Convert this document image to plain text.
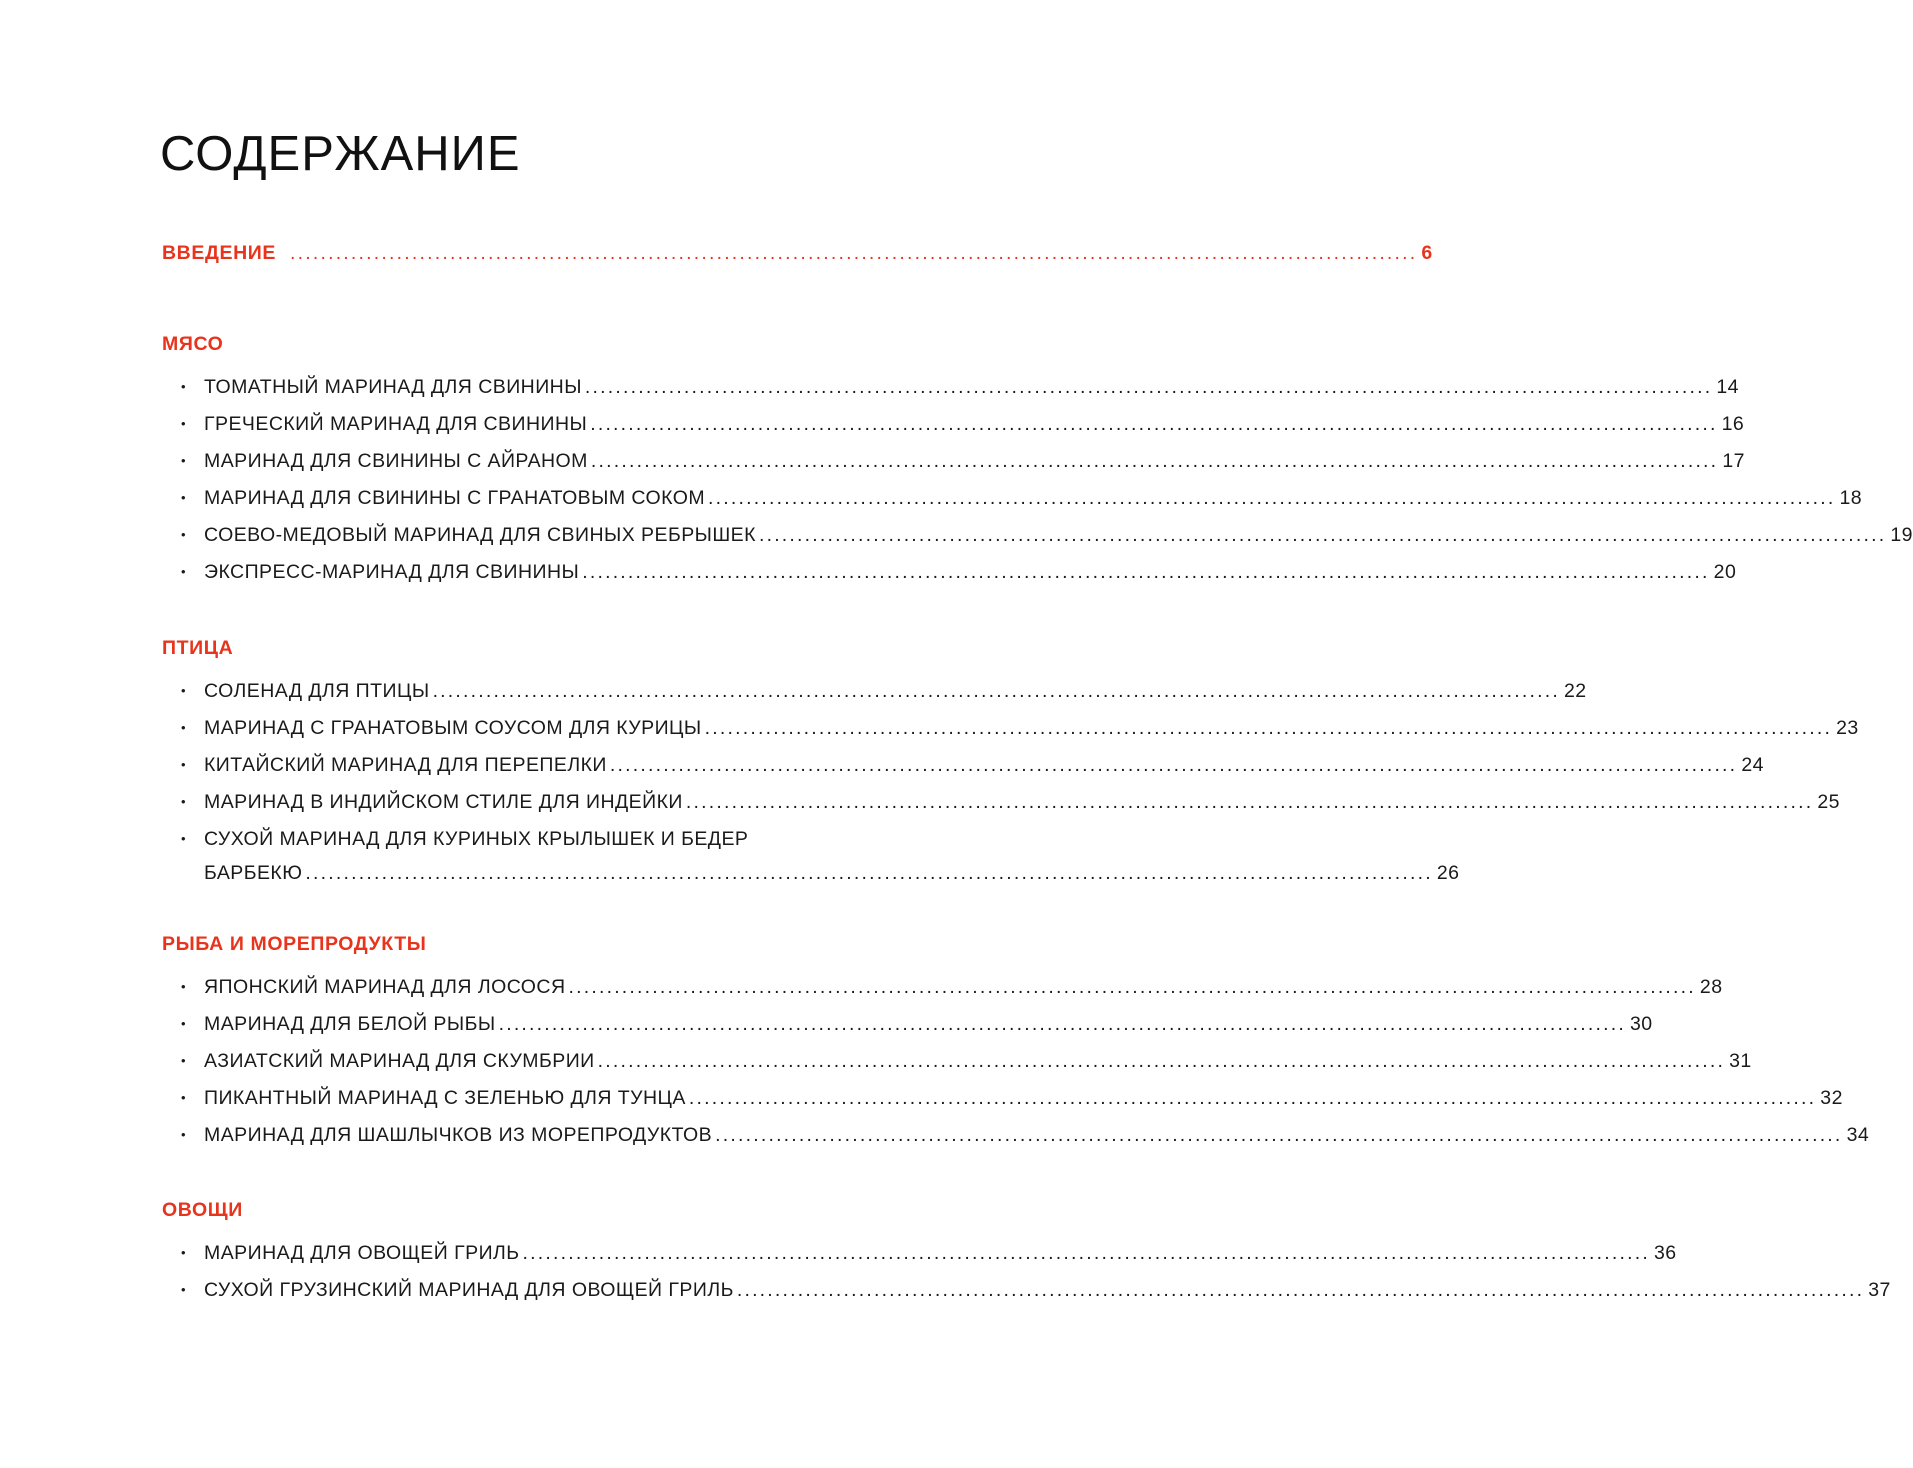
СОДЕРЖАНИЕ
ВВЕДЕНИЕ .................................................................................................................................................... 6
МЯСО
• ТОМАТНЫЙ МАРИНАД ДЛЯ СВИНИНЫ .................................................................................................................................................... 14
• ГРЕЧЕСКИЙ МАРИНАД ДЛЯ СВИНИНЫ .................................................................................................................................................... 16
• МАРИНАД ДЛЯ СВИНИНЫ С АЙРАНОМ .................................................................................................................................................... 17
• МАРИНАД ДЛЯ СВИНИНЫ С ГРАНАТОВЫМ СОКОМ .................................................................................................................................................... 18
• СОЕВО-МЕДОВЫЙ МАРИНАД ДЛЯ СВИНЫХ РЕБРЫШЕК .................................................................................................................................................... 19
• ЭКСПРЕСС-МАРИНАД ДЛЯ СВИНИНЫ .................................................................................................................................................... 20
ПТИЦА
• СОЛЕНАД ДЛЯ ПТИЦЫ .................................................................................................................................................... 22
• МАРИНАД С ГРАНАТОВЫМ СОУСОМ ДЛЯ КУРИЦЫ .................................................................................................................................................... 23
• КИТАЙСКИЙ МАРИНАД ДЛЯ ПЕРЕПЕЛКИ .................................................................................................................................................... 24
• МАРИНАД В ИНДИЙСКОМ СТИЛЕ ДЛЯ ИНДЕЙКИ .................................................................................................................................................... 25
• СУХОЙ МАРИНАД ДЛЯ КУРИНЫХ КРЫЛЫШЕК И БЕДЕР
БАРБЕКЮ .................................................................................................................................................... 26
РЫБА И МОРЕПРОДУКТЫ
• ЯПОНСКИЙ МАРИНАД ДЛЯ ЛОСОСЯ .................................................................................................................................................... 28
• МАРИНАД ДЛЯ БЕЛОЙ РЫБЫ .................................................................................................................................................... 30
• АЗИАТСКИЙ МАРИНАД ДЛЯ СКУМБРИИ .................................................................................................................................................... 31
• ПИКАНТНЫЙ МАРИНАД С ЗЕЛЕНЬЮ ДЛЯ ТУНЦА .................................................................................................................................................... 32
• МАРИНАД ДЛЯ ШАШЛЫЧКОВ ИЗ МОРЕПРОДУКТОВ .................................................................................................................................................... 34
ОВОЩИ
• МАРИНАД ДЛЯ ОВОЩЕЙ ГРИЛЬ .................................................................................................................................................... 36
• СУХОЙ ГРУЗИНСКИЙ МАРИНАД ДЛЯ ОВОЩЕЙ ГРИЛЬ .................................................................................................................................................... 37
